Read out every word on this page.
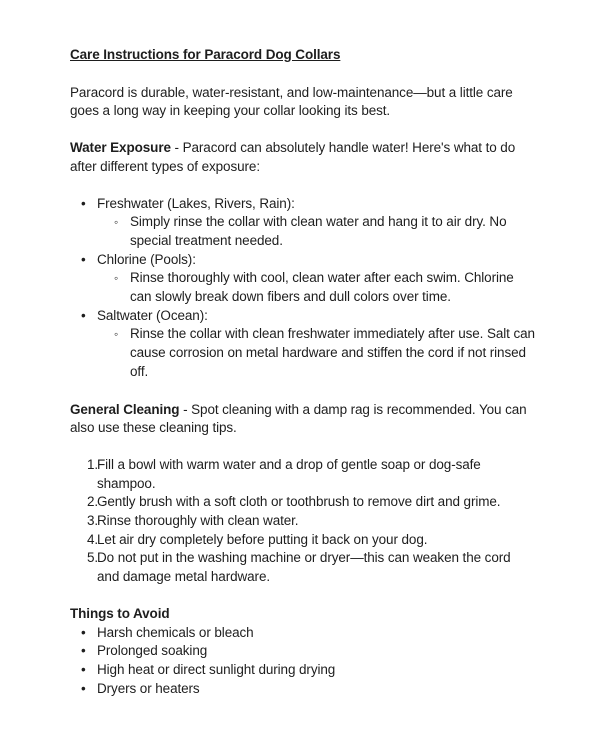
Care Instructions for Paracord Dog Collars

Paracord is durable, water-resistant, and low-maintenance—but a little care goes a long way in keeping your collar looking its best.

Water Exposure - Paracord can absolutely handle water! Here's what to do after different types of exposure:

• Freshwater (Lakes, Rivers, Rain):
◦ Simply rinse the collar with clean water and hang it to air dry. No special treatment needed.
• Chlorine (Pools):
◦ Rinse thoroughly with cool, clean water after each swim. Chlorine can slowly break down fibers and dull colors over time.
• Saltwater (Ocean):
◦ Rinse the collar with clean freshwater immediately after use. Salt can cause corrosion on metal hardware and stiffen the cord if not rinsed off.

General Cleaning - Spot cleaning with a damp rag is recommended. You can also use these cleaning tips.

1.
Fill a bowl with warm water and a drop of gentle soap or dog-safe shampoo.
2.
Gently brush with a soft cloth or toothbrush to remove dirt and grime.
3.
Rinse thoroughly with clean water.
4.
Let air dry completely before putting it back on your dog.
5.
Do not put in the washing machine or dryer—this can weaken the cord and damage metal hardware.

Things to Avoid

• Harsh chemicals or bleach
• Prolonged soaking
• High heat or direct sunlight during drying
• Dryers or heaters
